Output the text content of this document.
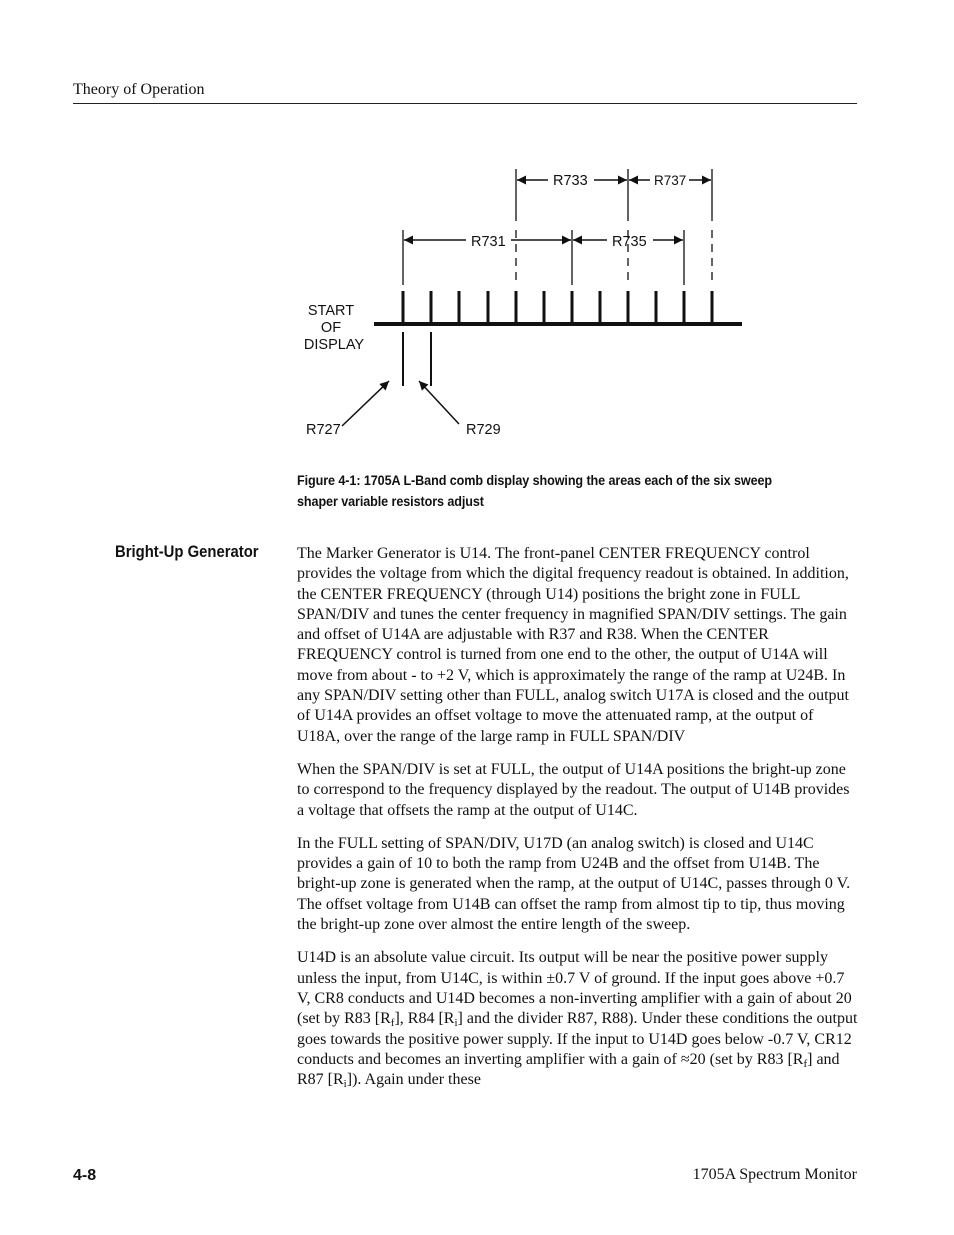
Theory of Operation
R733	R737
R731	R735
START
OF
DISPLAY
R727	R729
Figure 4-1: 1705A L-Band comb display showing the areas each of the six sweep shaper variable resistors adjust
Bright-Up Generator	The Marker Generator is U14. The front-panel CENTER FREQUENCY control provides the voltage from which the digital frequency readout is obtained. In addition, the CENTER FREQUENCY (through U14) positions the bright zone in FULL SPAN/DIV and tunes the center frequency in magnified SPAN/DIV settings. The gain and offset of U14A are adjustable with R37 and R38. When the CENTER FREQUENCY control is turned from one end to the other, the output of U14A will move from about - to +2 V, which is approximately the range of the ramp at U24B. In any SPAN/DIV setting other than FULL, analog switch U17A is closed and the output of U14A provides an offset voltage to move the attenuated ramp, at the output of U18A, over the range of the large ramp in FULL SPAN/DIV

When the SPAN/DIV is set at FULL, the output of U14A positions the bright-up zone to correspond to the frequency displayed by the readout. The output of U14B provides a voltage that offsets the ramp at the output of U14C.

In the FULL setting of SPAN/DIV, U17D (an analog switch) is closed and U14C provides a gain of 10 to both the ramp from U24B and the offset from U14B. The bright-up zone is generated when the ramp, at the output of U14C, passes through 0 V. The offset voltage from U14B can offset the ramp from almost tip to tip, thus moving the bright-up zone over almost the entire length of the sweep.

U14D is an absolute value circuit. Its output will be near the positive power supply unless the input, from U14C, is within ±0.7 V of ground. If the input goes above +0.7 V, CR8 conducts and U14D becomes a non-inverting amplifier with a gain of about 20 (set by R83 $[R_f]$, R84 $[R_i]$ and the divider R87, R88). Under these conditions the output goes towards the positive power supply. If the input to U14D goes below -0.7 V, CR12 conducts and becomes an inverting amplifier with a gain of ≈20 (set by R83 $[R_f]$ and R87 $[R_i]$). Again under these

4-8	1705A Spectrum Monitor
